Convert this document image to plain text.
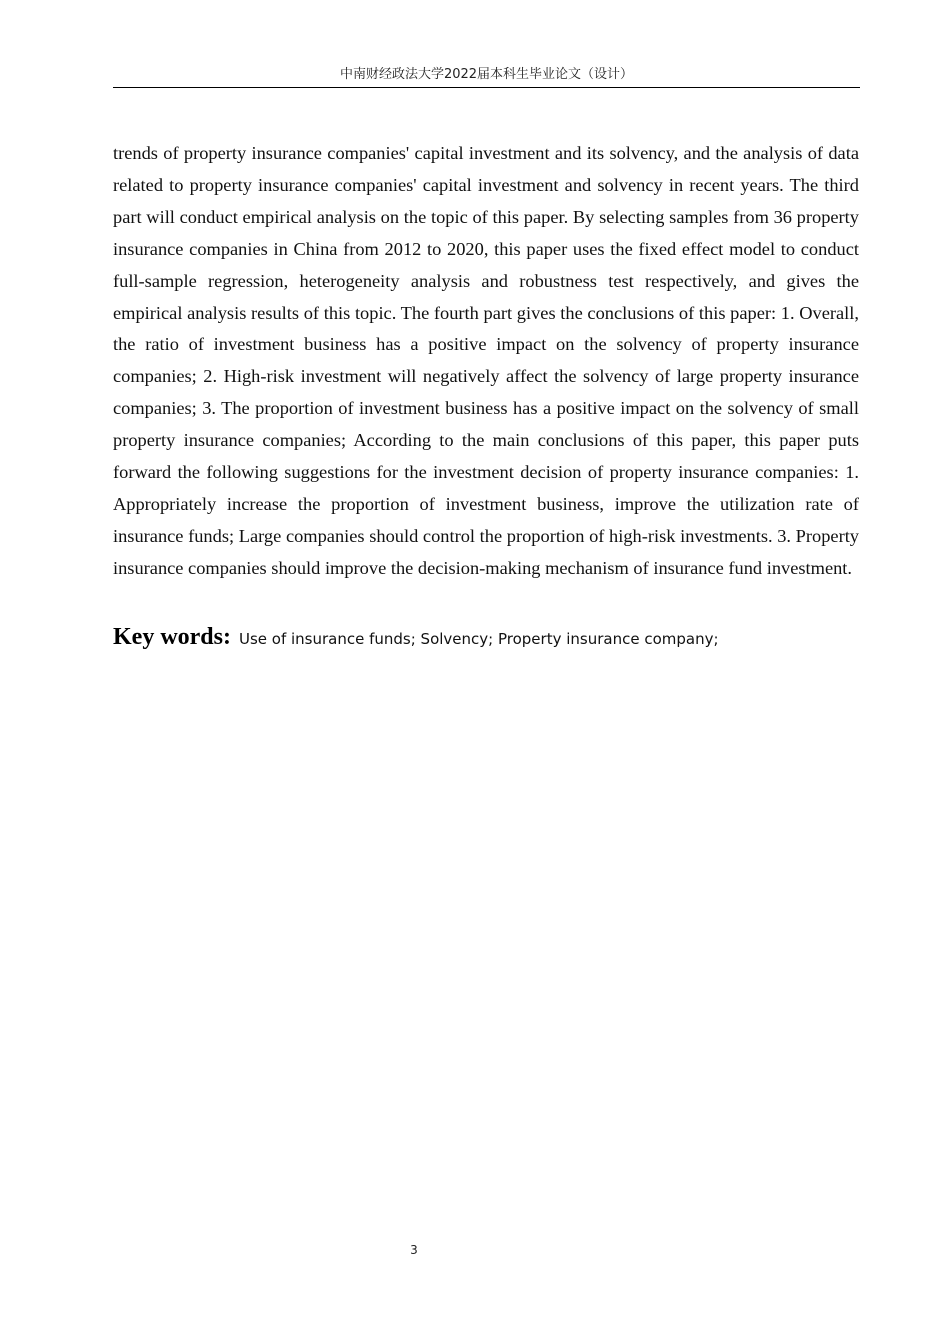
中南财经政法大学2022届本科生毕业论文（设计）

trends of property insurance companies' capital investment and its solvency, and the analysis of data related to property insurance companies' capital investment and solvency in recent years. The third part will conduct empirical analysis on the topic of this paper. By selecting samples from 36 property insurance companies in China from 2012 to 2020, this paper uses the fixed effect model to conduct full-sample regression, heterogeneity analysis and robustness test respectively, and gives the empirical analysis results of this topic. The fourth part gives the conclusions of this paper: 1. Overall, the ratio of investment business has a positive impact on the solvency of property insurance companies; 2. High-risk investment will negatively affect the solvency of large property insurance companies; 3. The proportion of investment business has a positive impact on the solvency of small property insurance companies; According to the main conclusions of this paper, this paper puts forward the following suggestions for the investment decision of property insurance companies: 1. Appropriately increase the proportion of investment business, improve the utilization rate of insurance funds; Large companies should control the proportion of high-risk investments. 3. Property insurance companies should improve the decision-making mechanism of insurance fund investment.

Key words: Use of insurance funds; Solvency; Property insurance company;
3
